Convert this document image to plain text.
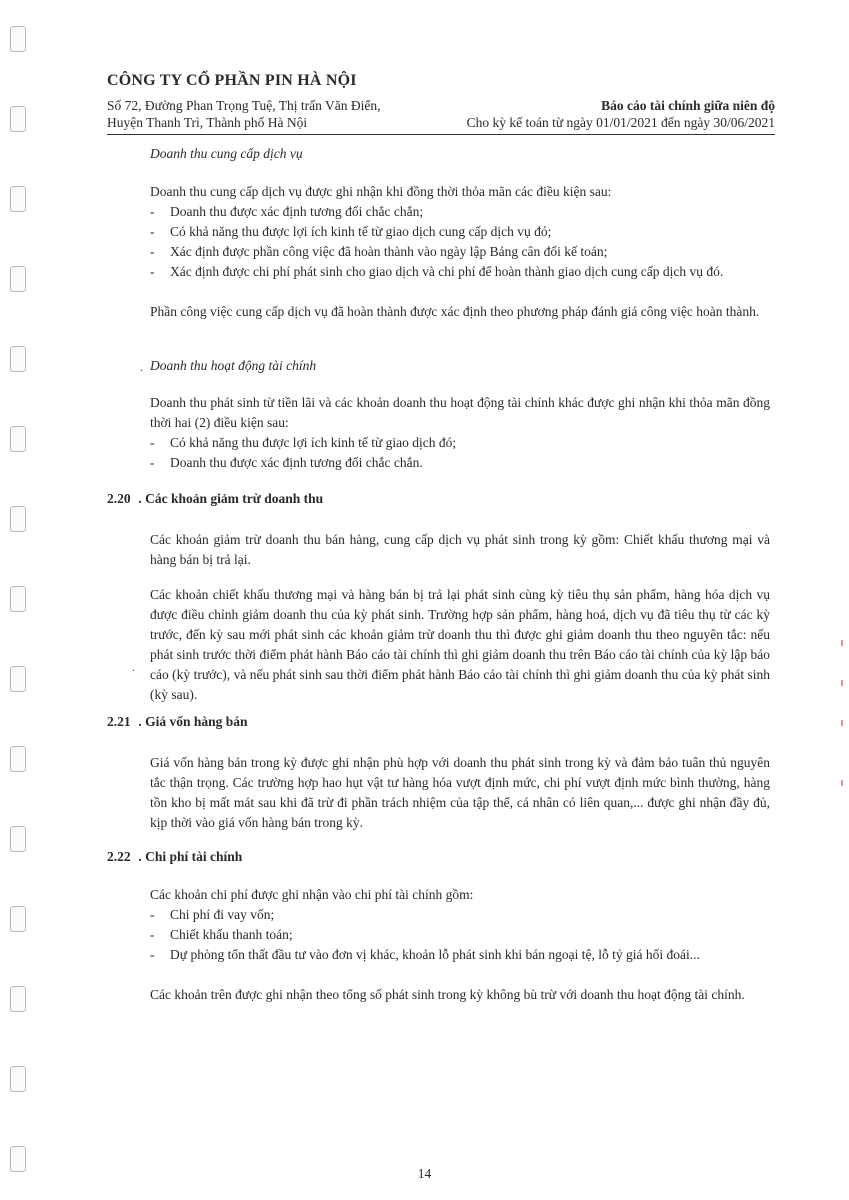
CÔNG TY CỔ PHẦN PIN HÀ NỘI
Số 72, Đường Phan Trọng Tuệ, Thị trấn Văn Điển,	Báo cáo tài chính giữa niên độ
Huyện Thanh Trì, Thành phố Hà Nội	Cho kỳ kế toán từ ngày 01/01/2021 đến ngày 30/06/2021
Doanh thu cung cấp dịch vụ
Doanh thu cung cấp dịch vụ được ghi nhận khi đồng thời thỏa mãn các điều kiện sau:
- Doanh thu được xác định tương đối chắc chắn;
- Có khả năng thu được lợi ích kinh tế từ giao dịch cung cấp dịch vụ đó;
- Xác định được phần công việc đã hoàn thành vào ngày lập Bảng cân đối kế toán;
- Xác định được chi phí phát sinh cho giao dịch và chi phí để hoàn thành giao dịch cung cấp dịch vụ đó.
Phần công việc cung cấp dịch vụ đã hoàn thành được xác định theo phương pháp đánh giá công việc hoàn thành.
. Doanh thu hoạt động tài chính
Doanh thu phát sinh từ tiền lãi và các khoản doanh thu hoạt động tài chính khác được ghi nhận khi thỏa mãn đồng thời hai (2) điều kiện sau:
- Có khả năng thu được lợi ích kinh tế từ giao dịch đó;
- Doanh thu được xác định tương đối chắc chắn.
2.20 . Các khoản giảm trừ doanh thu
Các khoản giảm trừ doanh thu bán hàng, cung cấp dịch vụ phát sinh trong kỳ gồm: Chiết khấu thương mại và hàng bán bị trả lại.
Các khoản chiết khấu thương mại và hàng bán bị trả lại phát sinh cùng kỳ tiêu thụ sản phẩm, hàng hóa dịch vụ được điều chỉnh giảm doanh thu của kỳ phát sinh. Trường hợp sản phẩm, hàng hoá, dịch vụ đã tiêu thụ từ các kỳ trước, đến kỳ sau mới phát sinh các khoản giảm trừ doanh thu thì được ghi giảm doanh thu theo nguyên tắc: nếu phát sinh trước thời điểm phát hành Báo cáo tài chính thì ghi giảm doanh thu trên Báo cáo tài chính của kỳ lập báo cáo (kỳ trước), và nếu phát sinh sau thời điểm phát hành Báo cáo tài chính thì ghi giảm doanh thu của kỳ phát sinh (kỳ sau).
.
2.21 . Giá vốn hàng bán
Giá vốn hàng bán trong kỳ được ghi nhận phù hợp với doanh thu phát sinh trong kỳ và đảm bảo tuân thủ nguyên tắc thận trọng. Các trường hợp hao hụt vật tư hàng hóa vượt định mức, chi phí vượt định mức bình thường, hàng tồn kho bị mất mát sau khi đã trừ đi phần trách nhiệm của tập thể, cá nhân có liên quan,... được ghi nhận đầy đủ, kịp thời vào giá vốn hàng bán trong kỳ.
2.22 . Chi phí tài chính
Các khoản chi phí được ghi nhận vào chi phí tài chính gồm:
- Chi phí đi vay vốn;
- Chiết khấu thanh toán;
- Dự phòng tổn thất đầu tư vào đơn vị khác, khoản lỗ phát sinh khi bán ngoại tệ, lỗ tỷ giá hối đoái...
Các khoản trên được ghi nhận theo tổng số phát sinh trong kỳ không bù trừ với doanh thu hoạt động tài chính.
14
